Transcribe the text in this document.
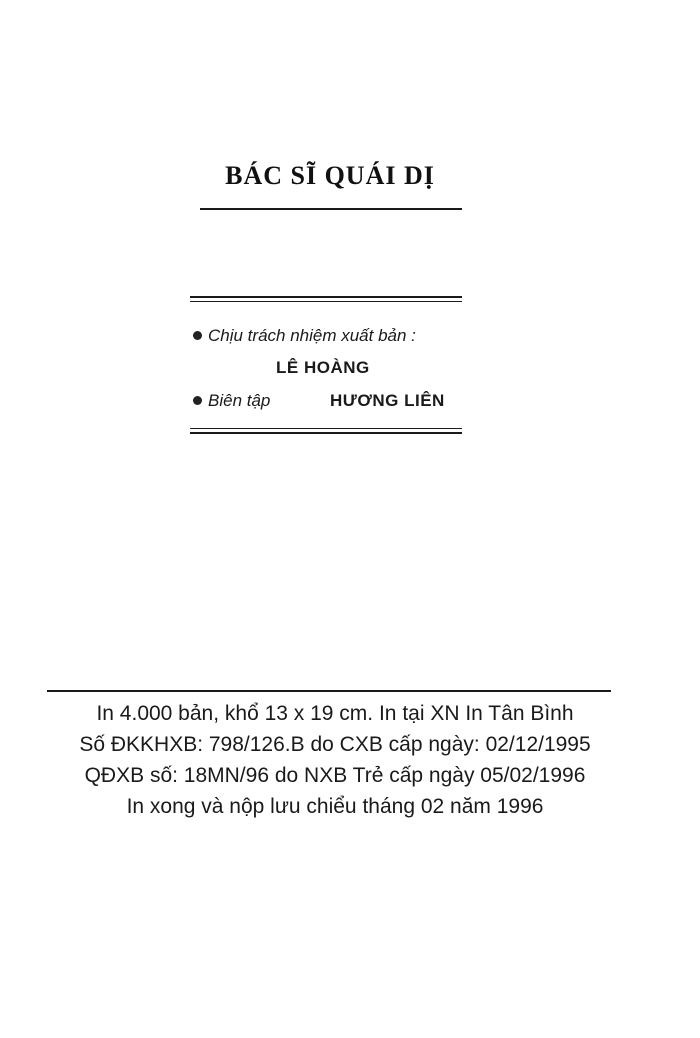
BÁC SĨ QUÁI DỊ
Chịu trách nhiệm xuất bản :
LÊ HOÀNG
Biên tập	HƯƠNG LIÊN
In 4.000 bản, khổ 13 x 19 cm. In tại XN In Tân Bình
Số ĐKKHXB: 798/126.B do CXB cấp ngày: 02/12/1995
QĐXB số: 18MN/96 do NXB Trẻ cấp ngày 05/02/1996
In xong và nộp lưu chiểu tháng 02 năm 1996
